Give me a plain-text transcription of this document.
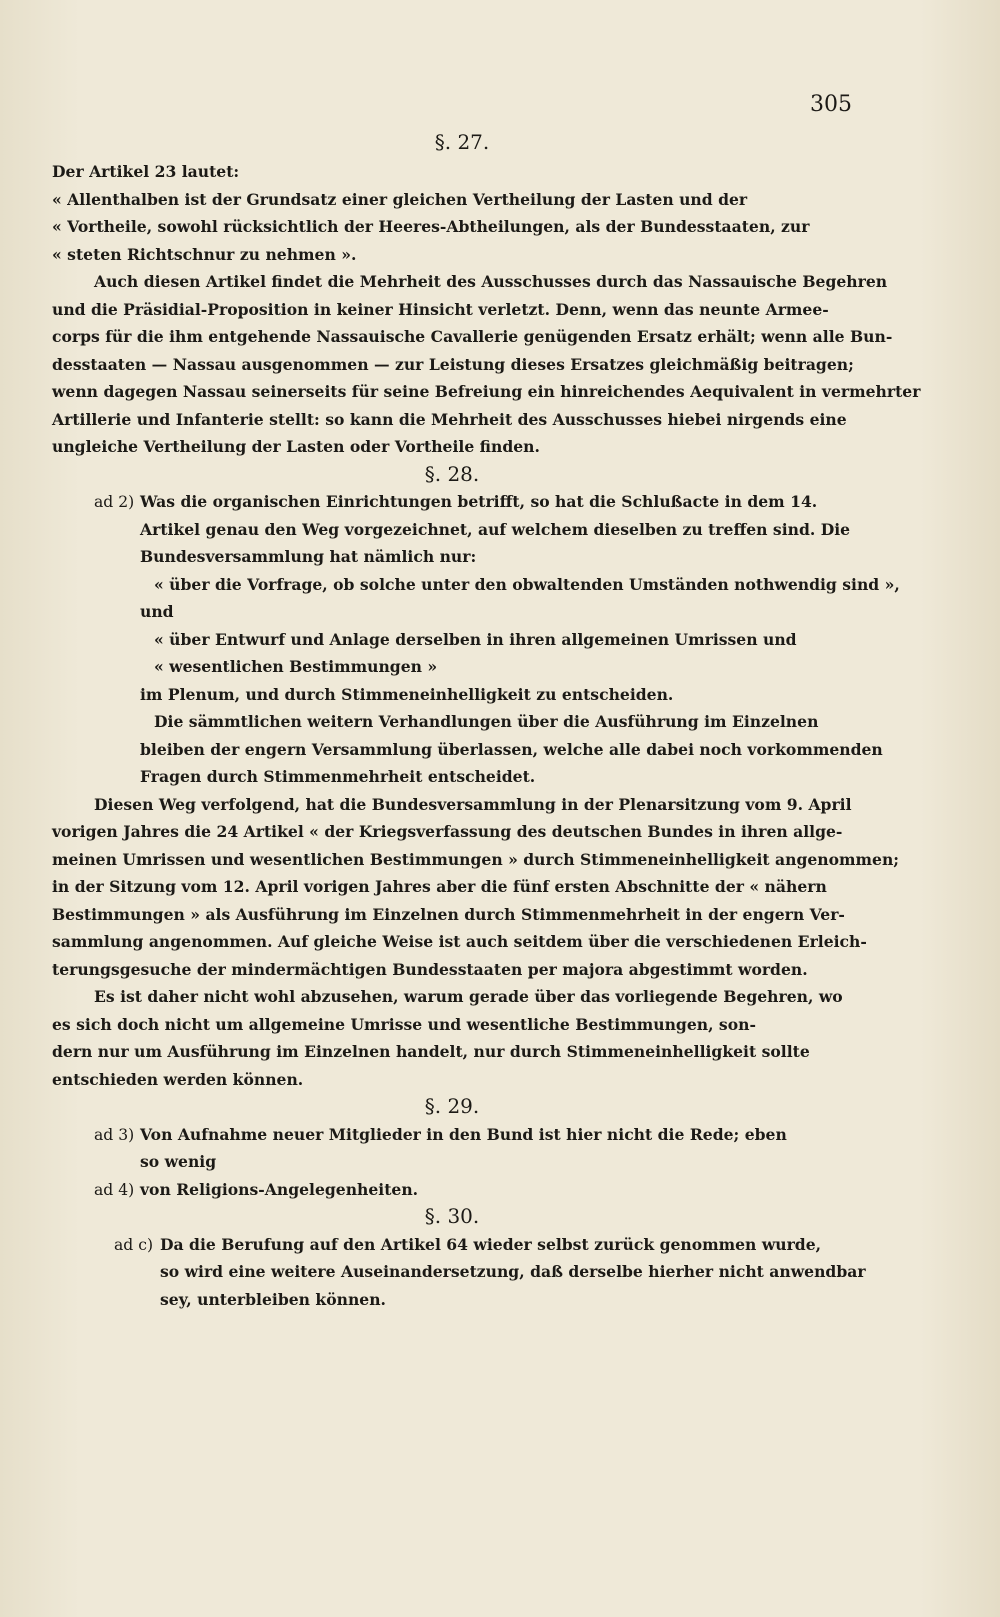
305
§. 27.
Der Artikel 23 lautet:
« Allenthalben ist der Grundsatz einer gleichen Vertheilung der Lasten und der
« Vortheile, sowohl rücksichtlich der Heeres-Abtheilungen, als der Bundesstaaten, zur
« steten Richtschnur zu nehmen ».
Auch diesen Artikel findet die Mehrheit des Ausschusses durch das Nassauische Begehren
und die Präsidial-Proposition in keiner Hinsicht verletzt. Denn, wenn das neunte Armee-
corps für die ihm entgehende Nassauische Cavallerie genügenden Ersatz erhält; wenn alle Bun-
desstaaten — Nassau ausgenommen — zur Leistung dieses Ersatzes gleichmäßig beitragen;
wenn dagegen Nassau seinerseits für seine Befreiung ein hinreichendes Aequivalent in vermehrter
Artillerie und Infanterie stellt: so kann die Mehrheit des Ausschusses hiebei nirgends eine
ungleiche Vertheilung der Lasten oder Vortheile finden.
§. 28.
ad 2) Was die organischen Einrichtungen betrifft, so hat die Schlußacte in dem 14.
Artikel genau den Weg vorgezeichnet, auf welchem dieselben zu treffen sind. Die
Bundesversammlung hat nämlich nur:
« über die Vorfrage, ob solche unter den obwaltenden Umständen nothwendig sind »,
und
« über Entwurf und Anlage derselben in ihren allgemeinen Umrissen und
« wesentlichen Bestimmungen »
im Plenum, und durch Stimmeneinhelligkeit zu entscheiden.
Die sämmtlichen weitern Verhandlungen über die Ausführung im Einzelnen
bleiben der engern Versammlung überlassen, welche alle dabei noch vorkommenden
Fragen durch Stimmenmehrheit entscheidet.
Diesen Weg verfolgend, hat die Bundesversammlung in der Plenarsitzung vom 9. April
vorigen Jahres die 24 Artikel « der Kriegsverfassung des deutschen Bundes in ihren allge-
meinen Umrissen und wesentlichen Bestimmungen » durch Stimmeneinhelligkeit angenommen;
in der Sitzung vom 12. April vorigen Jahres aber die fünf ersten Abschnitte der « nähern
Bestimmungen » als Ausführung im Einzelnen durch Stimmenmehrheit in der engern Ver-
sammlung angenommen. Auf gleiche Weise ist auch seitdem über die verschiedenen Erleich-
terungsgesuche der mindermächtigen Bundesstaaten per majora abgestimmt worden.
Es ist daher nicht wohl abzusehen, warum gerade über das vorliegende Begehren, wo
es sich doch nicht um allgemeine Umrisse und wesentliche Bestimmungen, son-
dern nur um Ausführung im Einzelnen handelt, nur durch Stimmeneinhelligkeit sollte
entschieden werden können.
§. 29.
ad 3) Von Aufnahme neuer Mitglieder in den Bund ist hier nicht die Rede; eben
so wenig
ad 4) von Religions-Angelegenheiten.
§. 30.
ad c) Da die Berufung auf den Artikel 64 wieder selbst zurück genommen wurde,
so wird eine weitere Auseinandersetzung, daß derselbe hierher nicht anwendbar
sey, unterbleiben können.
